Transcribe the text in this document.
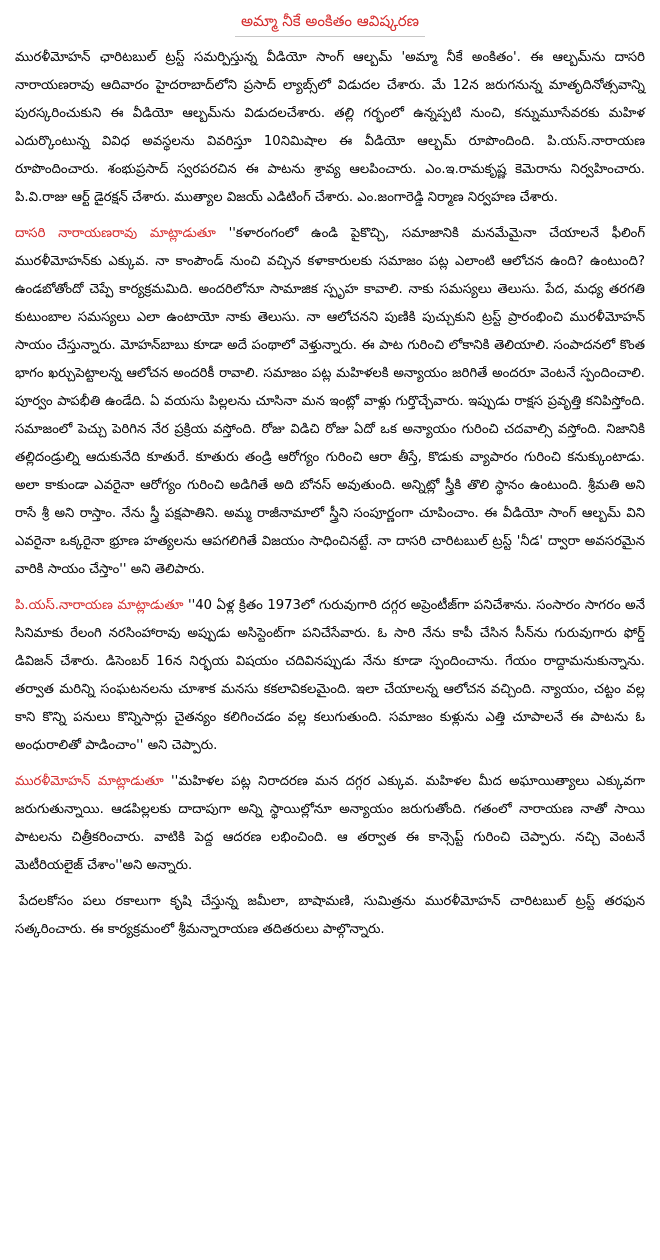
అమ్మా నీకే అంకితం ఆవిష్కరణ

మురళీమోహన్ ఛారిటబుల్ ట్రస్ట్ సమర్పిస్తున్న వీడియో సాంగ్ ఆల్బమ్ 'అమ్మా నీకే అంకితం'. ఈ ఆల్బమ్‌ను దాసరి నారాయణరావు ఆదివారం హైదరాబాద్‌లోని ప్రసాద్ ల్యాబ్స్‌లో విడుదల చేశారు. మే 12న జరుగనున్న మాతృదినోత్సవాన్ని పురస్కరించుకుని ఈ వీడియో ఆల్బమ్‌ను విడుదలచేశారు. తల్లి గర్భంలో ఉన్నప్పటి నుంచి, కన్నుమూసేవరకు మహిళ ఎదుర్కొంటున్న వివిధ అవస్థలను వివరిస్తూ 10నిమిషాల ఈ వీడియో ఆల్బమ్ రూపొందింది. పి.యస్.నారాయణ రూపొందించారు. శంభుప్రసాద్ స్వరపరచిన ఈ పాటను శ్రావ్య ఆలపించారు. ఎం.ఇ.రామకృష్ణ కెమెరాను నిర్వహించారు. పి.వి.రాజు ఆర్ట్ డైరక్షన్ చేశారు. ముత్యాల విజయ్ ఎడిటింగ్ చేశారు. ఎం.జంగారెడ్డి నిర్మాణ నిర్వహణ చేశారు.

దాసరి నారాయణరావు మాట్లాడుతూ ''కళారంగంలో ఉండి పైకొచ్చి, సమాజానికి మనమేమైనా చేయాలనే ఫీలింగ్ మురళీమోహన్‌కు ఎక్కువ. నా కాంపౌండ్ నుంచి వచ్చిన కళాకారులకు సమాజం పట్ల ఎలాంటి ఆలోచన ఉంది? ఉంటుంది? ఉండబోతోందో చెప్పే కార్యక్రమమిది. అందరిలోనూ సామాజిక స్పృహ కావాలి. నాకు సమస్యలు తెలుసు. పేద, మధ్య తరగతి కుటుంబాల సమస్యలు ఎలా ఉంటాయో నాకు తెలుసు. నా ఆలోచనని పుణికి పుచ్చుకుని ట్రస్ట్ ప్రారంభించి మురళీమోహన్ సాయం చేస్తున్నారు. మోహన్‌బాబు కూడా అదే పంథాలో వెళ్తున్నారు. ఈ పాట గురించి లోకానికి తెలియాలి. సంపాదనలో కొంత భాగం ఖర్చుపెట్టాలన్న ఆలోచన అందరికీ రావాలి. సమాజం పట్ల మహిళలకి అన్యాయం జరిగితే అందరూ వెంటనే స్పందించాలి. పూర్వం పాపభీతి ఉండేది. ఏ వయసు పిల్లలను చూసినా మన ఇంట్లో వాళ్లు గుర్తొచ్చేవారు. ఇప్పుడు రాక్షస ప్రవృత్తి కనిపిస్తోంది. సమాజంలో పెచ్చు పెరిగిన నేర ప్రక్రియ వస్తోంది. రోజు విడిచి రోజు ఏదో ఒక అన్యాయం గురించి చదవాల్సి వస్తోంది. నిజానికి తల్లిదండ్రుల్ని ఆదుకునేది కూతురే. కూతురు తండ్రి ఆరోగ్యం గురించి ఆరా తీస్తే, కొడుకు వ్యాపారం గురించి కనుక్కుంటాడు. అలా కాకుండా ఎవరైనా ఆరోగ్యం గురించి అడిగితే అది బోనస్ అవుతుంది. అన్నిట్లో స్త్రీకి తొలి స్థానం ఉంటుంది. శ్రీమతి అని రాసే శ్రీ అని రాస్తాం. నేను స్త్రీ పక్షపాతిని. అమ్మ రాజీనామాలో స్త్రీని సంపూర్ణంగా చూపించాం. ఈ వీడియో సాంగ్ ఆల్బమ్ విని ఎవరైనా ఒక్కరైనా భ్రూణ హత్యలను ఆపగలిగితే విజయం సాధించినట్టే. నా దాసరి చారిటబుల్ ట్రస్ట్ 'నీడ' ద్వారా అవసరమైన వారికి సాయం చేస్తాం'' అని తెలిపారు.

పి.యస్.నారాయణ మాట్లాడుతూ ''40 ఏళ్ల క్రితం 1973లో గురువుగారి దగ్గర అప్రెంటీజ్‌గా పనిచేశాను. సంసారం సాగరం అనే సినిమాకు రేలంగి నరసింహారావు అప్పుడు అసిస్టెంట్‌గా పనిచేసేవారు. ఓ సారి నేను కాపీ చేసిన సీన్‌ను గురువుగారు ఫోర్డ్ డివిజన్ చేశారు. డిసెంబర్ 16న నిర్భయ విషయం చదివినప్పుడు నేను కూడా స్పందించాను. గేయం రాద్దామనుకున్నాను. తర్వాత మరిన్ని సంఘటనలను చూశాక మనసు కకలావికలమైంది. ఇలా చేయాలన్న ఆలోచన వచ్చింది. న్యాయం, చట్టం వల్ల కాని కొన్ని పనులు కొన్నిసార్లు చైతన్యం కలిగించడం వల్ల కలుగుతుంది. సమాజం కుళ్లును ఎత్తి చూపాలనే ఈ పాటను ఓ అంధురాలితో పాడించాం'' అని చెప్పారు.

మురళీమోహన్ మాట్లాడుతూ ''మహిళల పట్ల నిరాదరణ మన దగ్గర ఎక్కువ. మహిళల మీద అఘాయిత్యాలు ఎక్కువగా జరుగుతున్నాయి. ఆడపిల్లలకు దాదాపుగా అన్ని స్థాయిల్లోనూ అన్యాయం జరుగుతోంది. గతంలో నారాయణ నాతో సాయి పాటలను చిత్రీకరించారు. వాటికి పెద్ద ఆదరణ లభించింది. ఆ తర్వాత ఈ కాన్సెప్ట్ గురించి చెప్పారు. నచ్చి వెంటనే మెటీరియలైజ్ చేశాం''అని అన్నారు.

పేదలకోసం పలు రకాలుగా కృషి చేస్తున్న జమీలా, బాషామణి, సుమిత్రను మురళీమోహన్ చారిటబుల్ ట్రస్ట్ తరఫున సత్కరించారు. ఈ కార్యక్రమంలో శ్రీమన్నారాయణ తదితరులు పాల్గొన్నారు.
